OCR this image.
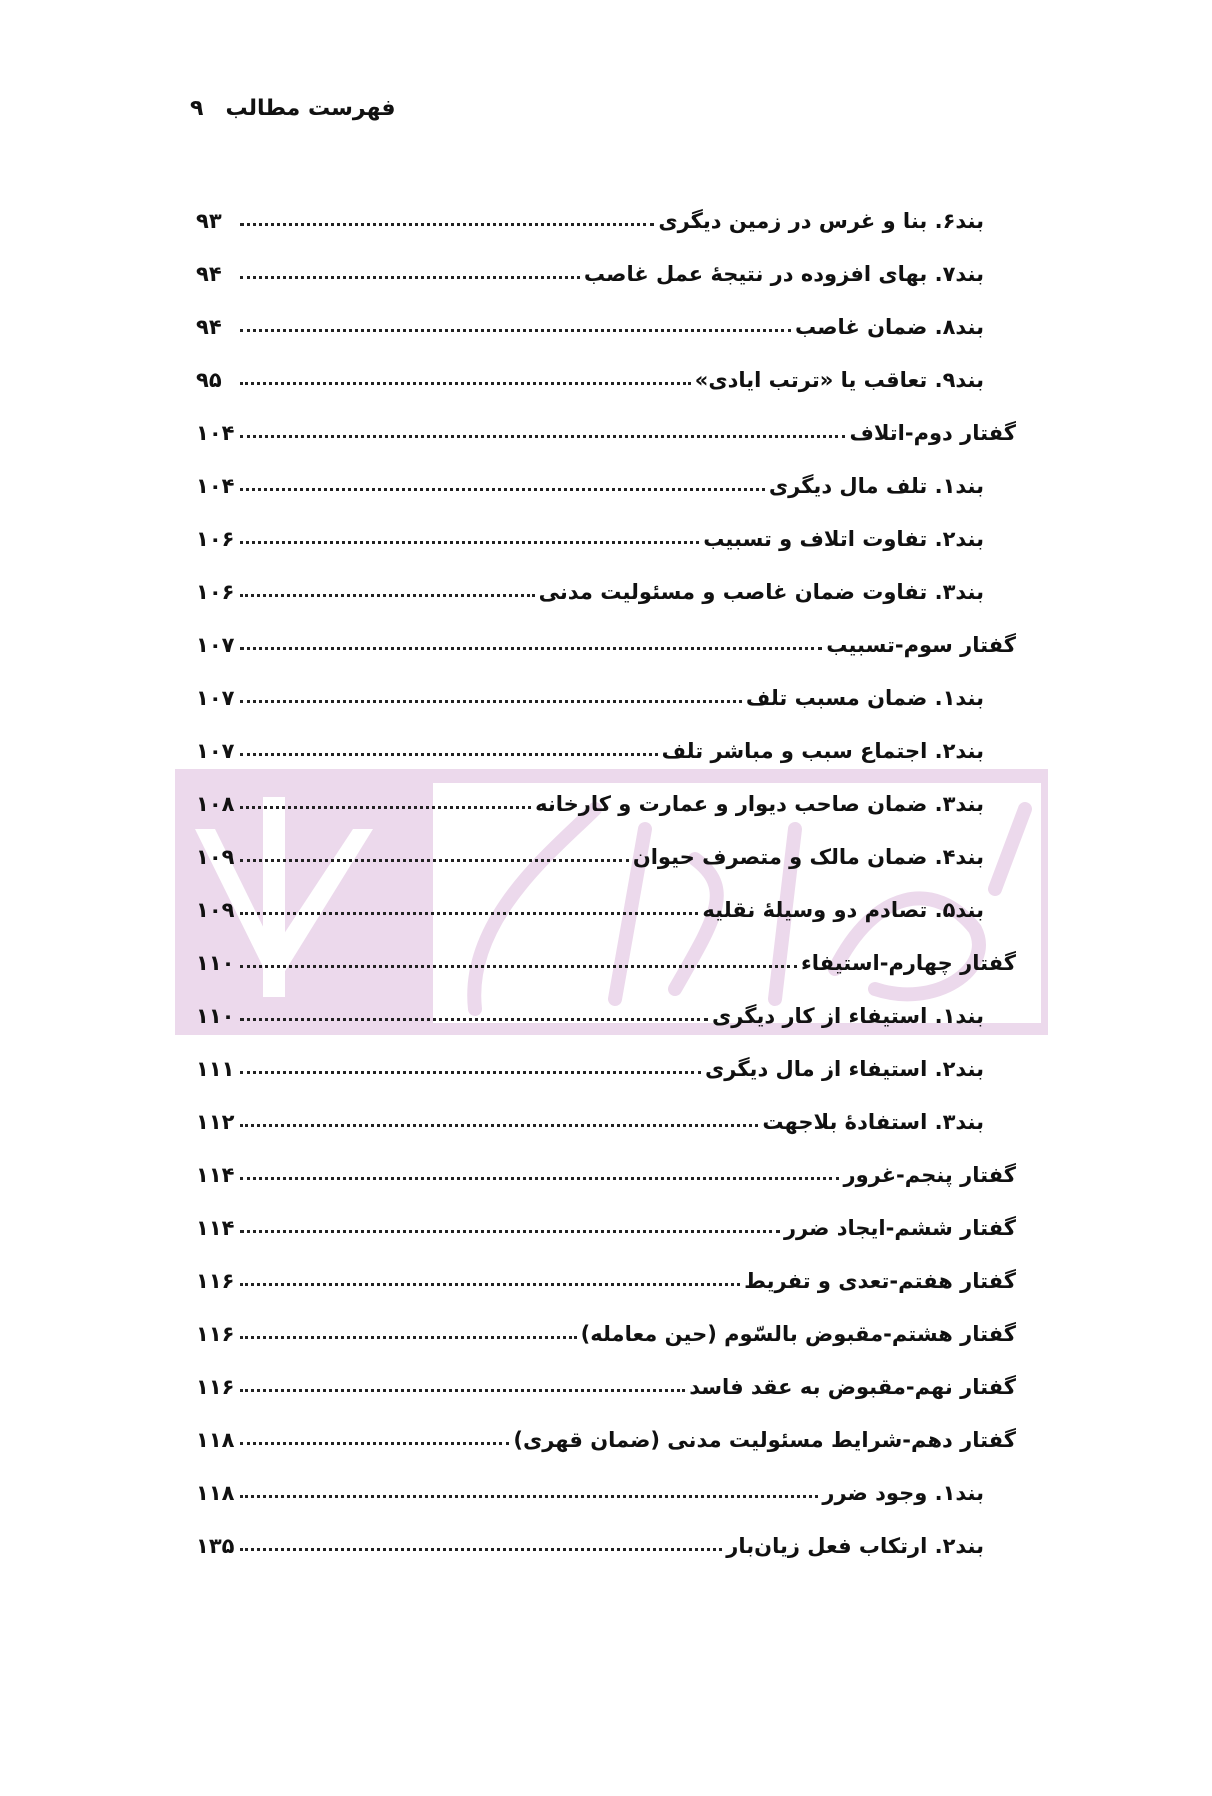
فهرست مطالب
۹
بند۶. بنا و غرس در زمین دیگری
۹۳
بند۷. بهای افزوده در نتیجهٔ عمل غاصب
۹۴
بند۸. ضمان غاصب
۹۴
بند۹. تعاقب یا «ترتب ایادی»
۹۵
گفتار دوم-اتلاف
۱۰۴
بند۱. تلف مال دیگری
۱۰۴
بند۲. تفاوت اتلاف و تسبیب
۱۰۶
بند۳. تفاوت ضمان غاصب و مسئولیت مدنی
۱۰۶
گفتار سوم-تسبیب
۱۰۷
بند۱. ضمان مسبب تلف
۱۰۷
بند۲. اجتماع سبب و مباشر تلف
۱۰۷
بند۳. ضمان صاحب دیوار و عمارت و کارخانه
۱۰۸
بند۴. ضمان مالک و متصرف حیوان
۱۰۹
بند۵. تصادم دو وسیلهٔ نقلیه
۱۰۹
گفتار چهارم-استیفاء
۱۱۰
بند۱. استیفاء از کار دیگری
۱۱۰
بند۲. استیفاء از مال دیگری
۱۱۱
بند۳. استفادهٔ بلاجهت
۱۱۲
گفتار پنجم-غرور
۱۱۴
گفتار ششم-ایجاد ضرر
۱۱۴
گفتار هفتم-تعدی و تفریط
۱۱۶
گفتار هشتم-مقبوض بالسّوم (حین معامله)
۱۱۶
گفتار نهم-مقبوض به عقد فاسد
۱۱۶
گفتار دهم-شرایط مسئولیت مدنی (ضمان قهری)
۱۱۸
بند۱. وجود ضرر
۱۱۸
بند۲. ارتکاب فعل زیان‌بار
۱۳۵
